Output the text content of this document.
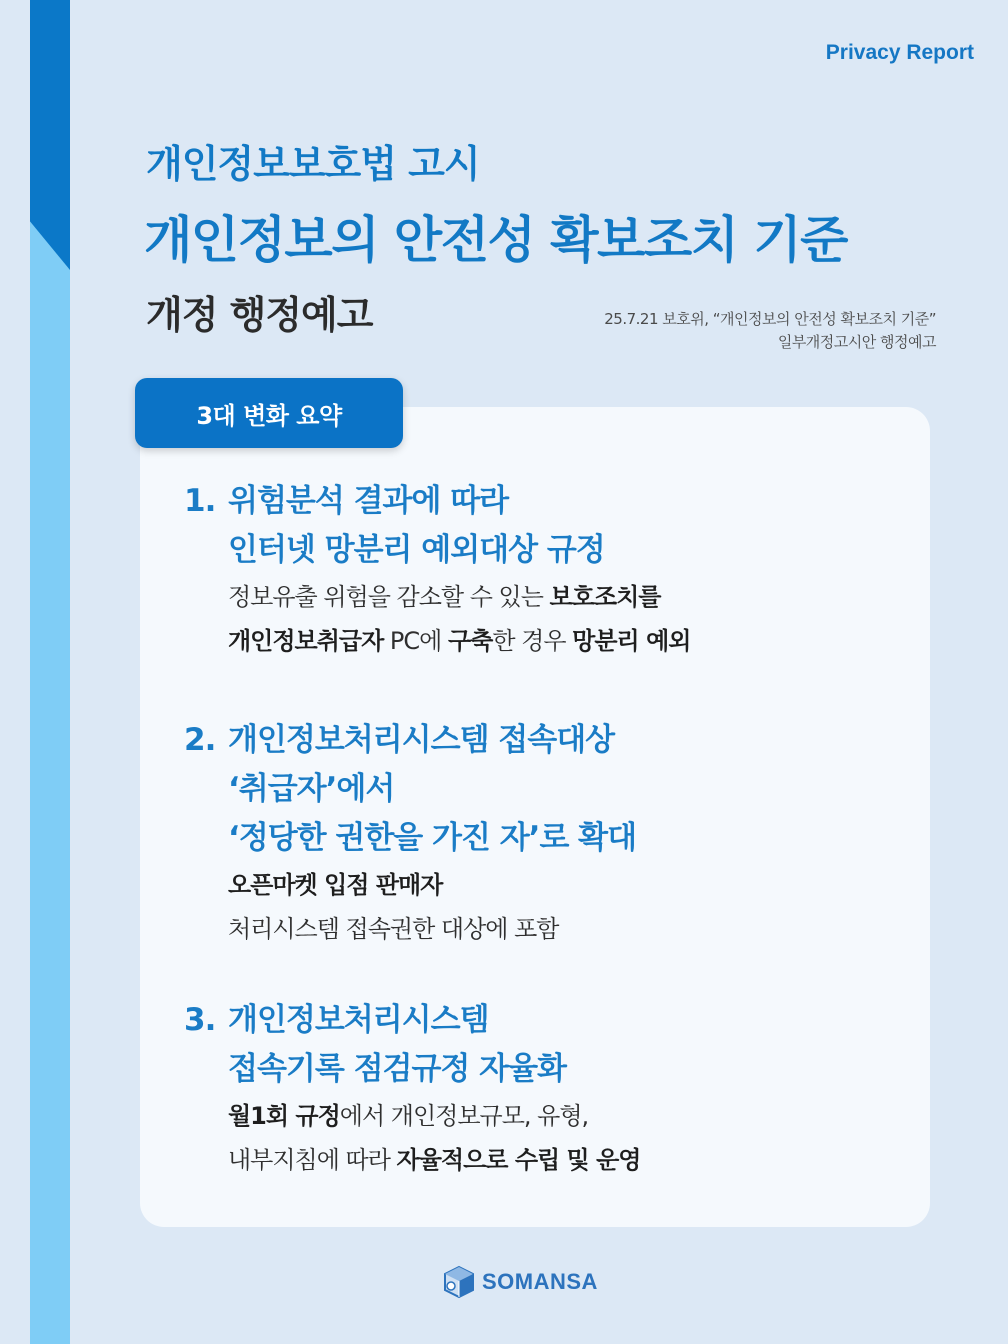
Privacy Report
개인정보보호법 고시
개인정보의 안전성 확보조치 기준
개정 행정예고	25.7.21 보호위, “개인정보의 안전성 확보조치 기준”
일부개정고시안 행정예고
3대 변화 요약
1. 위험분석 결과에 따라
인터넷 망분리 예외대상 규정
정보유출 위험을 감소할 수 있는 보호조치를
개인정보취급자 PC에 구축한 경우 망분리 예외
2. 개인정보처리시스템 접속대상
‘취급자’에서
‘정당한 권한을 가진 자’로 확대
오픈마켓 입점 판매자
처리시스템 접속권한 대상에 포함
3. 개인정보처리시스템
접속기록 점검규정 자율화
월1회 규정에서 개인정보규모, 유형,
내부지침에 따라 자율적으로 수립 및 운영
SOMANSA
